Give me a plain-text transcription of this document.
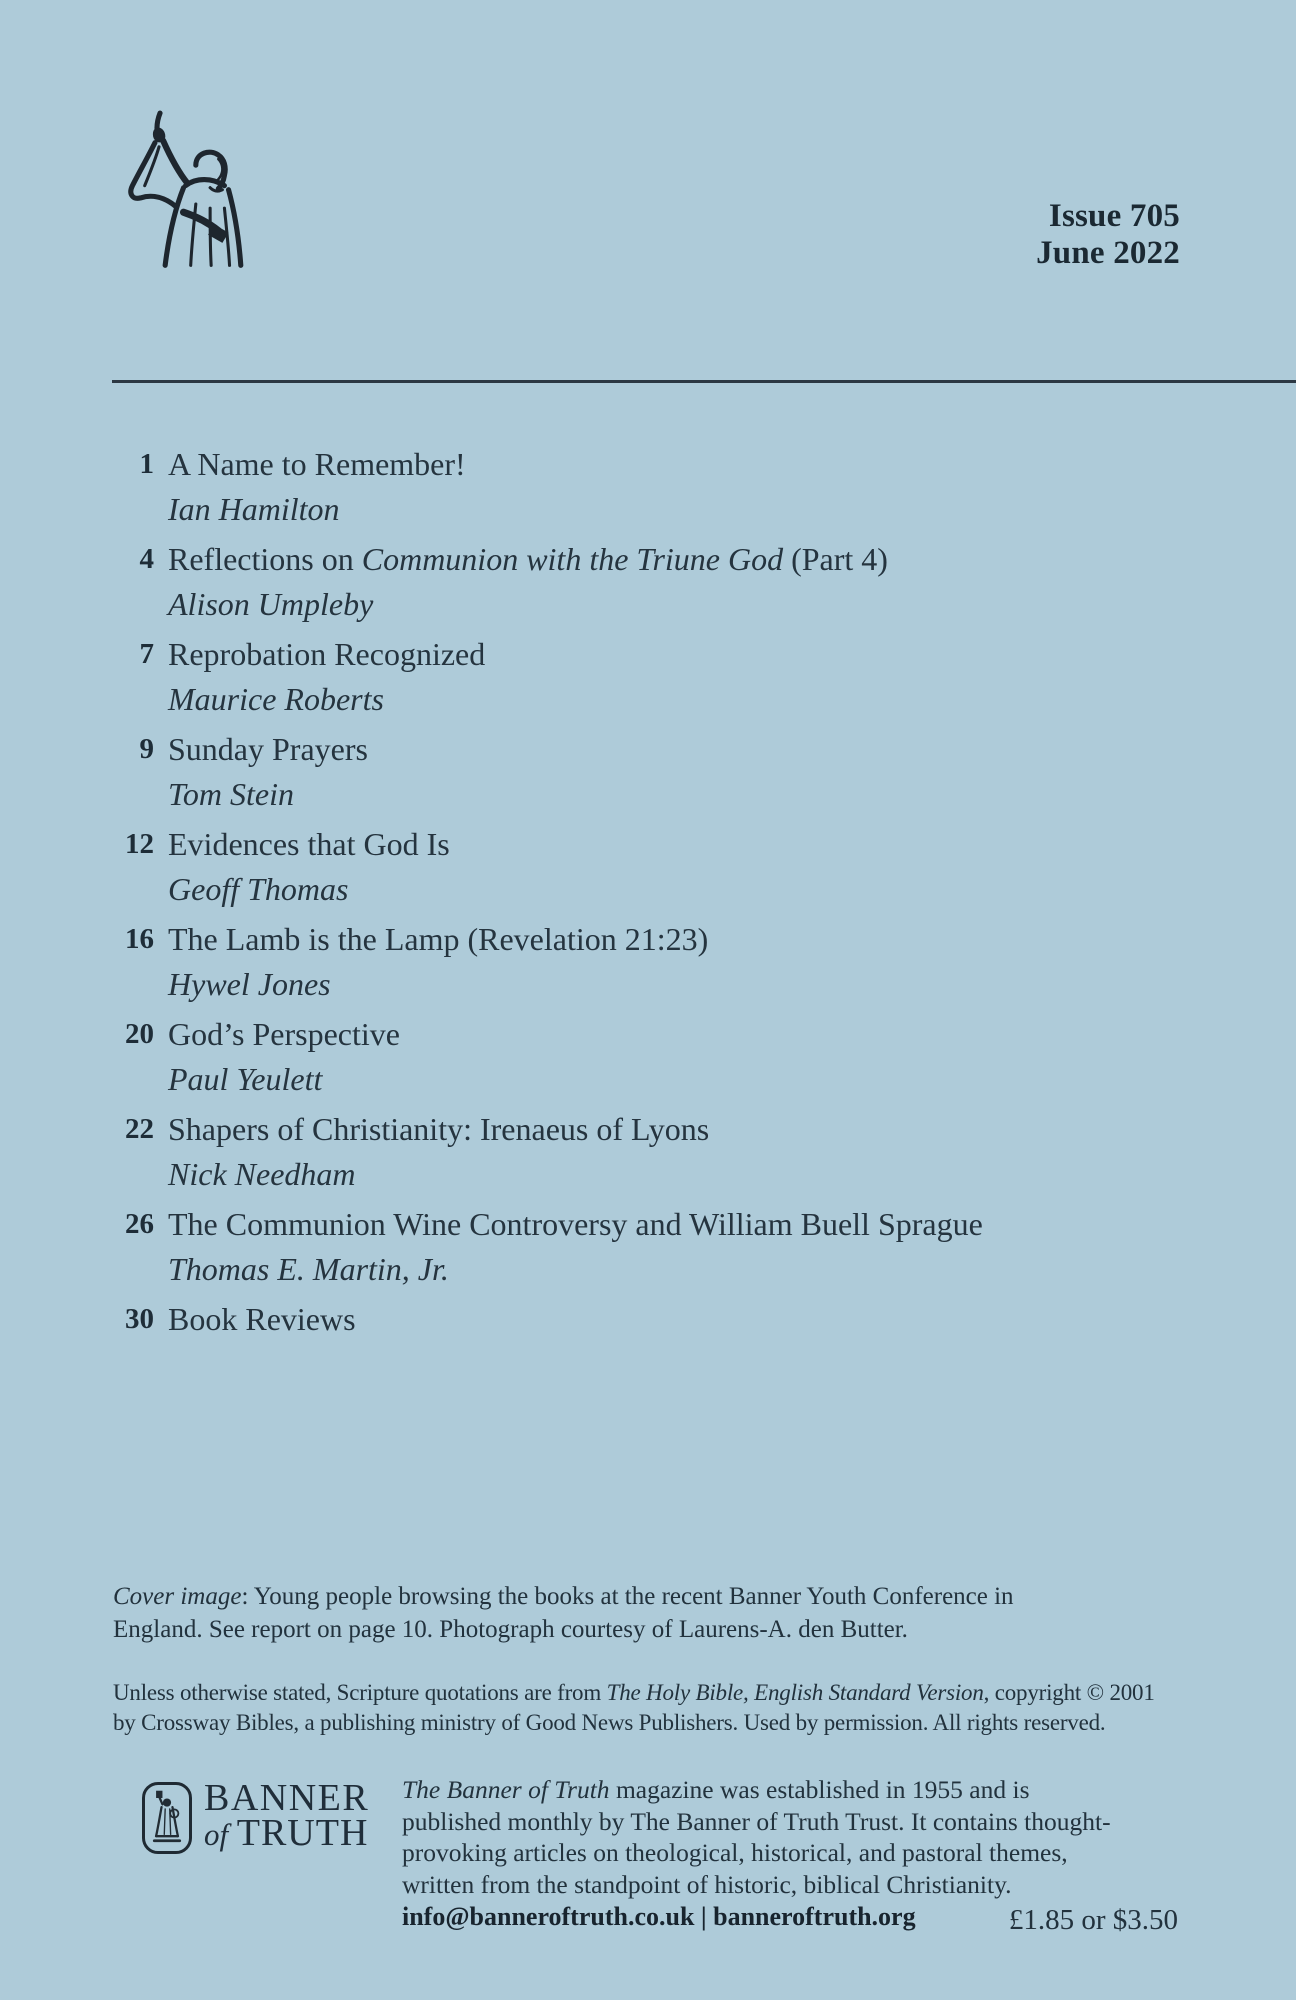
Issue 705
June 2022
1 A Name to Remember!
Ian Hamilton
4 Reflections on Communion with the Triune God (Part 4)
Alison Umpleby
7 Reprobation Recognized
Maurice Roberts
9 Sunday Prayers
Tom Stein
12 Evidences that God Is
Geoff Thomas
16 The Lamb is the Lamp (Revelation 21:23)
Hywel Jones
20 God’s Perspective
Paul Yeulett
22 Shapers of Christianity: Irenaeus of Lyons
Nick Needham
26 The Communion Wine Controversy and William Buell Sprague
Thomas E. Martin, Jr.
30 Book Reviews
Cover image: Young people browsing the books at the recent Banner Youth Conference in
England. See report on page 10. Photograph courtesy of Laurens-A. den Butter.
Unless otherwise stated, Scripture quotations are from The Holy Bible, English Standard Version, copyright © 2001
by Crossway Bibles, a publishing ministry of Good News Publishers. Used by permission. All rights reserved.
BANNER
of  TRUTH
The Banner of Truth magazine was established in 1955 and is
published monthly by The Banner of Truth Trust. It contains thought-
provoking articles on theological, historical, and pastoral themes,
written from the standpoint of historic, biblical Christianity.
info@banneroftruth.co.uk | banneroftruth.org	£1.85 or $3.50
